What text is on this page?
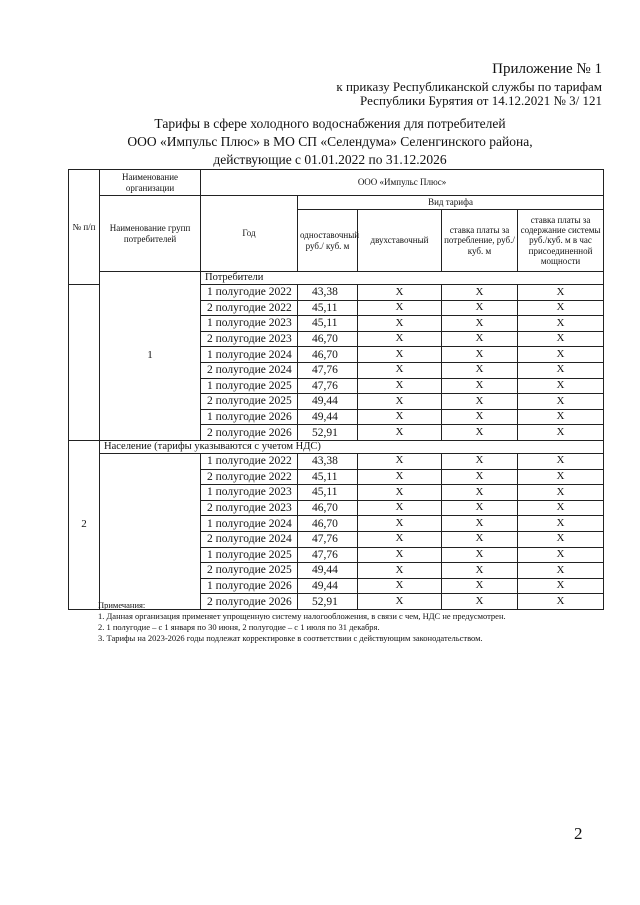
Приложение № 1
к приказу Республиканской службы по тарифам
Республики Бурятия от 14.12.2021 № 3/ 121
Тарифы в сфере холодного водоснабжения для потребителей
ООО «Импульс Плюс» в МО СП «Селендума» Селенгинского района,
действующие с 01.01.2022 по 31.12.2026
№ п/п	Наименование организации	ООО «Импульс Плюс»				
	Наименование групп потребителей	Год	Вид тарифа			
			одноставочный руб./ куб. м	двухставочный	ставка платы за потребление, руб./ куб. м	ставка платы за содержание системы руб./куб. м в час присоединенной мощности
	1	Потребители				
		1 полугодие 2022	43,38	X	X	X
		2 полугодие 2022	45,11	X	X	X
		1 полугодие 2023	45,11	X	X	X
		2 полугодие 2023	46,70	X	X	X
		1 полугодие 2024	46,70	X	X	X
		2 полугодие 2024	47,76	X	X	X
		1 полугодие 2025	47,76	X	X	X
		2 полугодие 2025	49,44	X	X	X
		1 полугодие 2026	49,44	X	X	X
		2 полугодие 2026	52,91	X	X	X
2	Население (тарифы указываются с учетом НДС)					
		1 полугодие 2022	43,38	X	X	X
		2 полугодие 2022	45,11	X	X	X
		1 полугодие 2023	45,11	X	X	X
		2 полугодие 2023	46,70	X	X	X
		1 полугодие 2024	46,70	X	X	X
		2 полугодие 2024	47,76	X	X	X
		1 полугодие 2025	47,76	X	X	X
		2 полугодие 2025	49,44	X	X	X
		1 полугодие 2026	49,44	X	X	X
		2 полугодие 2026	52,91	X	X	X
Примечания:
1. Данная организация применяет упрощенную систему налогообложения, в связи с чем, НДС не предусмотрен.
2. 1 полугодие – с 1 января по 30 июня, 2 полугодие – с 1 июля по 31 декабря.
3. Тарифы на 2023-2026 годы подлежат корректировке в соответствии с действующим законодательством.
2
